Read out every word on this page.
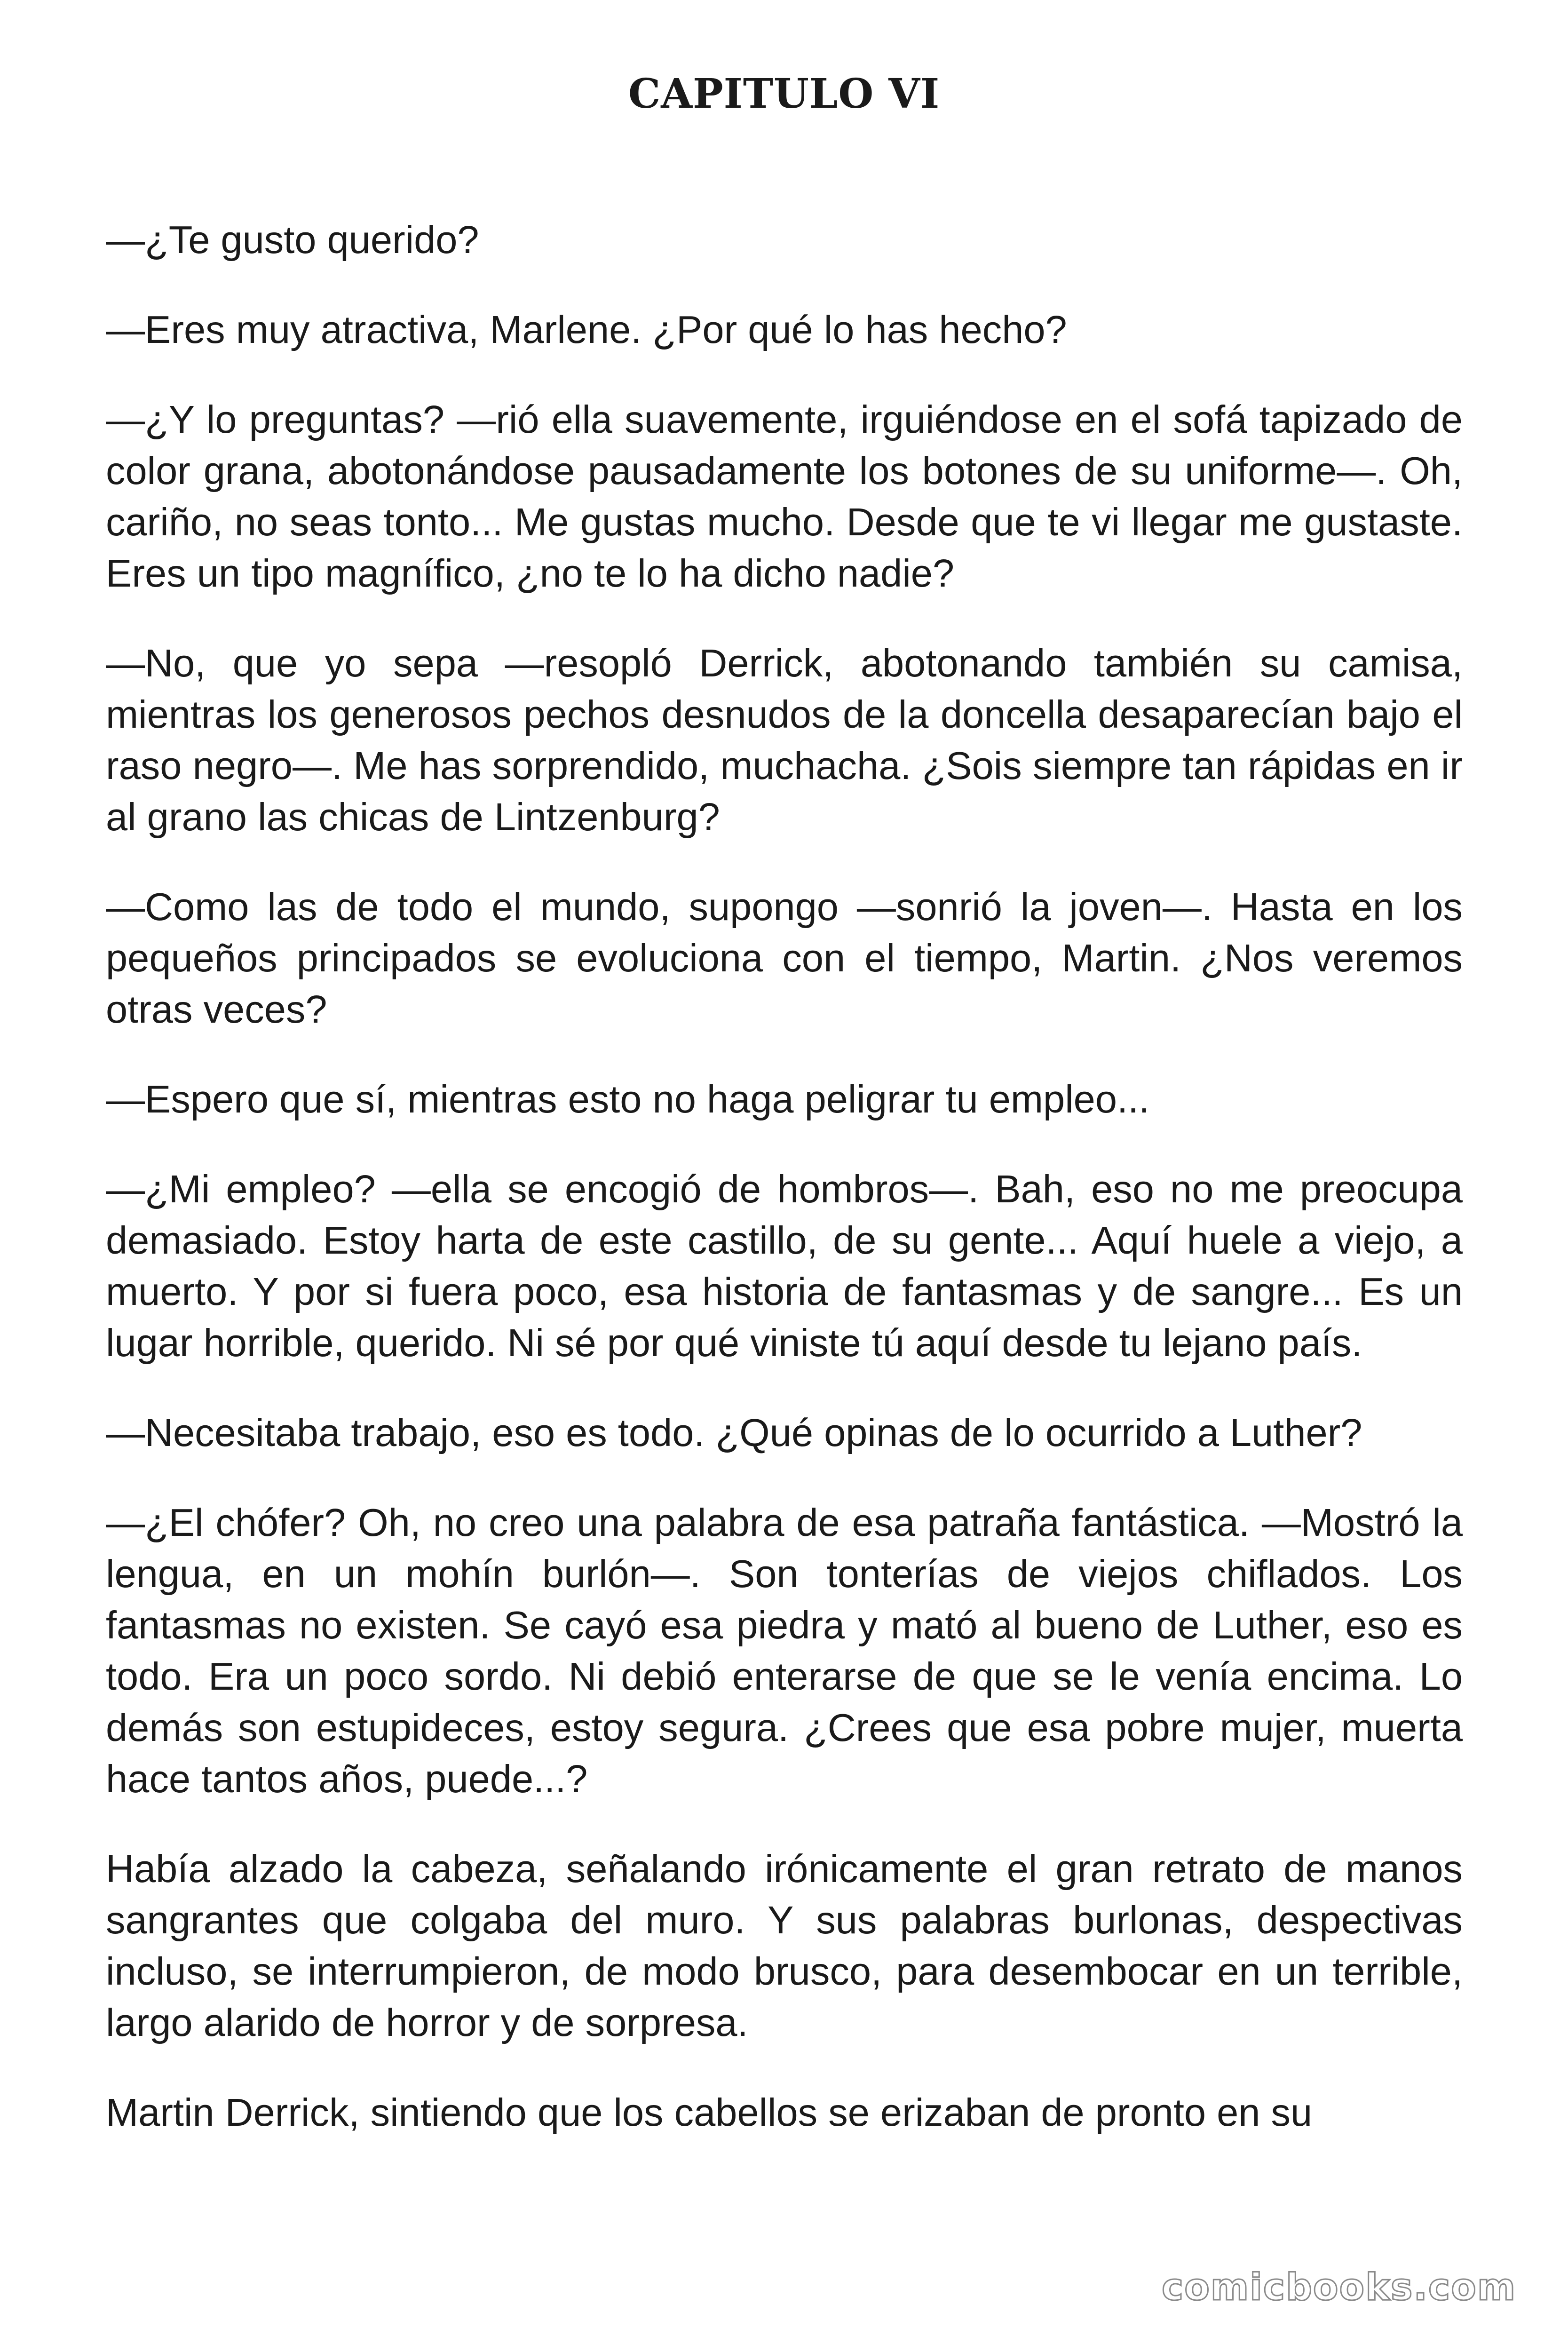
CAPITULO VI

—¿Te gusto querido?

—Eres muy atractiva, Marlene. ¿Por qué lo has hecho?

—¿Y lo preguntas? —rió ella suavemente, irguiéndose en el sofá tapizado de color grana, abotonándose pausadamente los botones de su uniforme—. Oh, cariño, no seas tonto... Me gustas mucho. Desde que te vi llegar me gustaste. Eres un tipo magnífico, ¿no te lo ha dicho nadie?

—No, que yo sepa —resopló Derrick, abotonando también su camisa, mientras los generosos pechos desnudos de la doncella desaparecían bajo el raso negro—. Me has sorprendido, muchacha. ¿Sois siempre tan rápidas en ir al grano las chicas de Lintzenburg?

—Como las de todo el mundo, supongo —sonrió la joven—. Hasta en los pequeños principados se evoluciona con el tiempo, Martin. ¿Nos veremos otras veces?

—Espero que sí, mientras esto no haga peligrar tu empleo...

—¿Mi empleo? —ella se encogió de hombros—. Bah, eso no me preocupa demasiado. Estoy harta de este castillo, de su gente... Aquí huele a viejo, a muerto. Y por si fuera poco, esa historia de fantasmas y de sangre... Es un lugar horrible, querido. Ni sé por qué viniste tú aquí desde tu lejano país.

—Necesitaba trabajo, eso es todo. ¿Qué opinas de lo ocurrido a Luther?

—¿El chófer? Oh, no creo una palabra de esa patraña fantástica. —Mostró la lengua, en un mohín burlón—. Son tonterías de viejos chiflados. Los fantasmas no existen. Se cayó esa piedra y mató al bueno de Luther, eso es todo. Era un poco sordo. Ni debió enterarse de que se le venía encima. Lo demás son estupideces, estoy segura. ¿Crees que esa pobre mujer, muerta hace tantos años, puede...?

Había alzado la cabeza, señalando irónicamente el gran retrato de manos sangrantes que colgaba del muro. Y sus palabras burlonas, despectivas incluso, se interrumpieron, de modo brusco, para desembocar en un terrible, largo alarido de horror y de sorpresa.

Martin Derrick, sintiendo que los cabellos se erizaban de pronto en su

comicbooks.com
